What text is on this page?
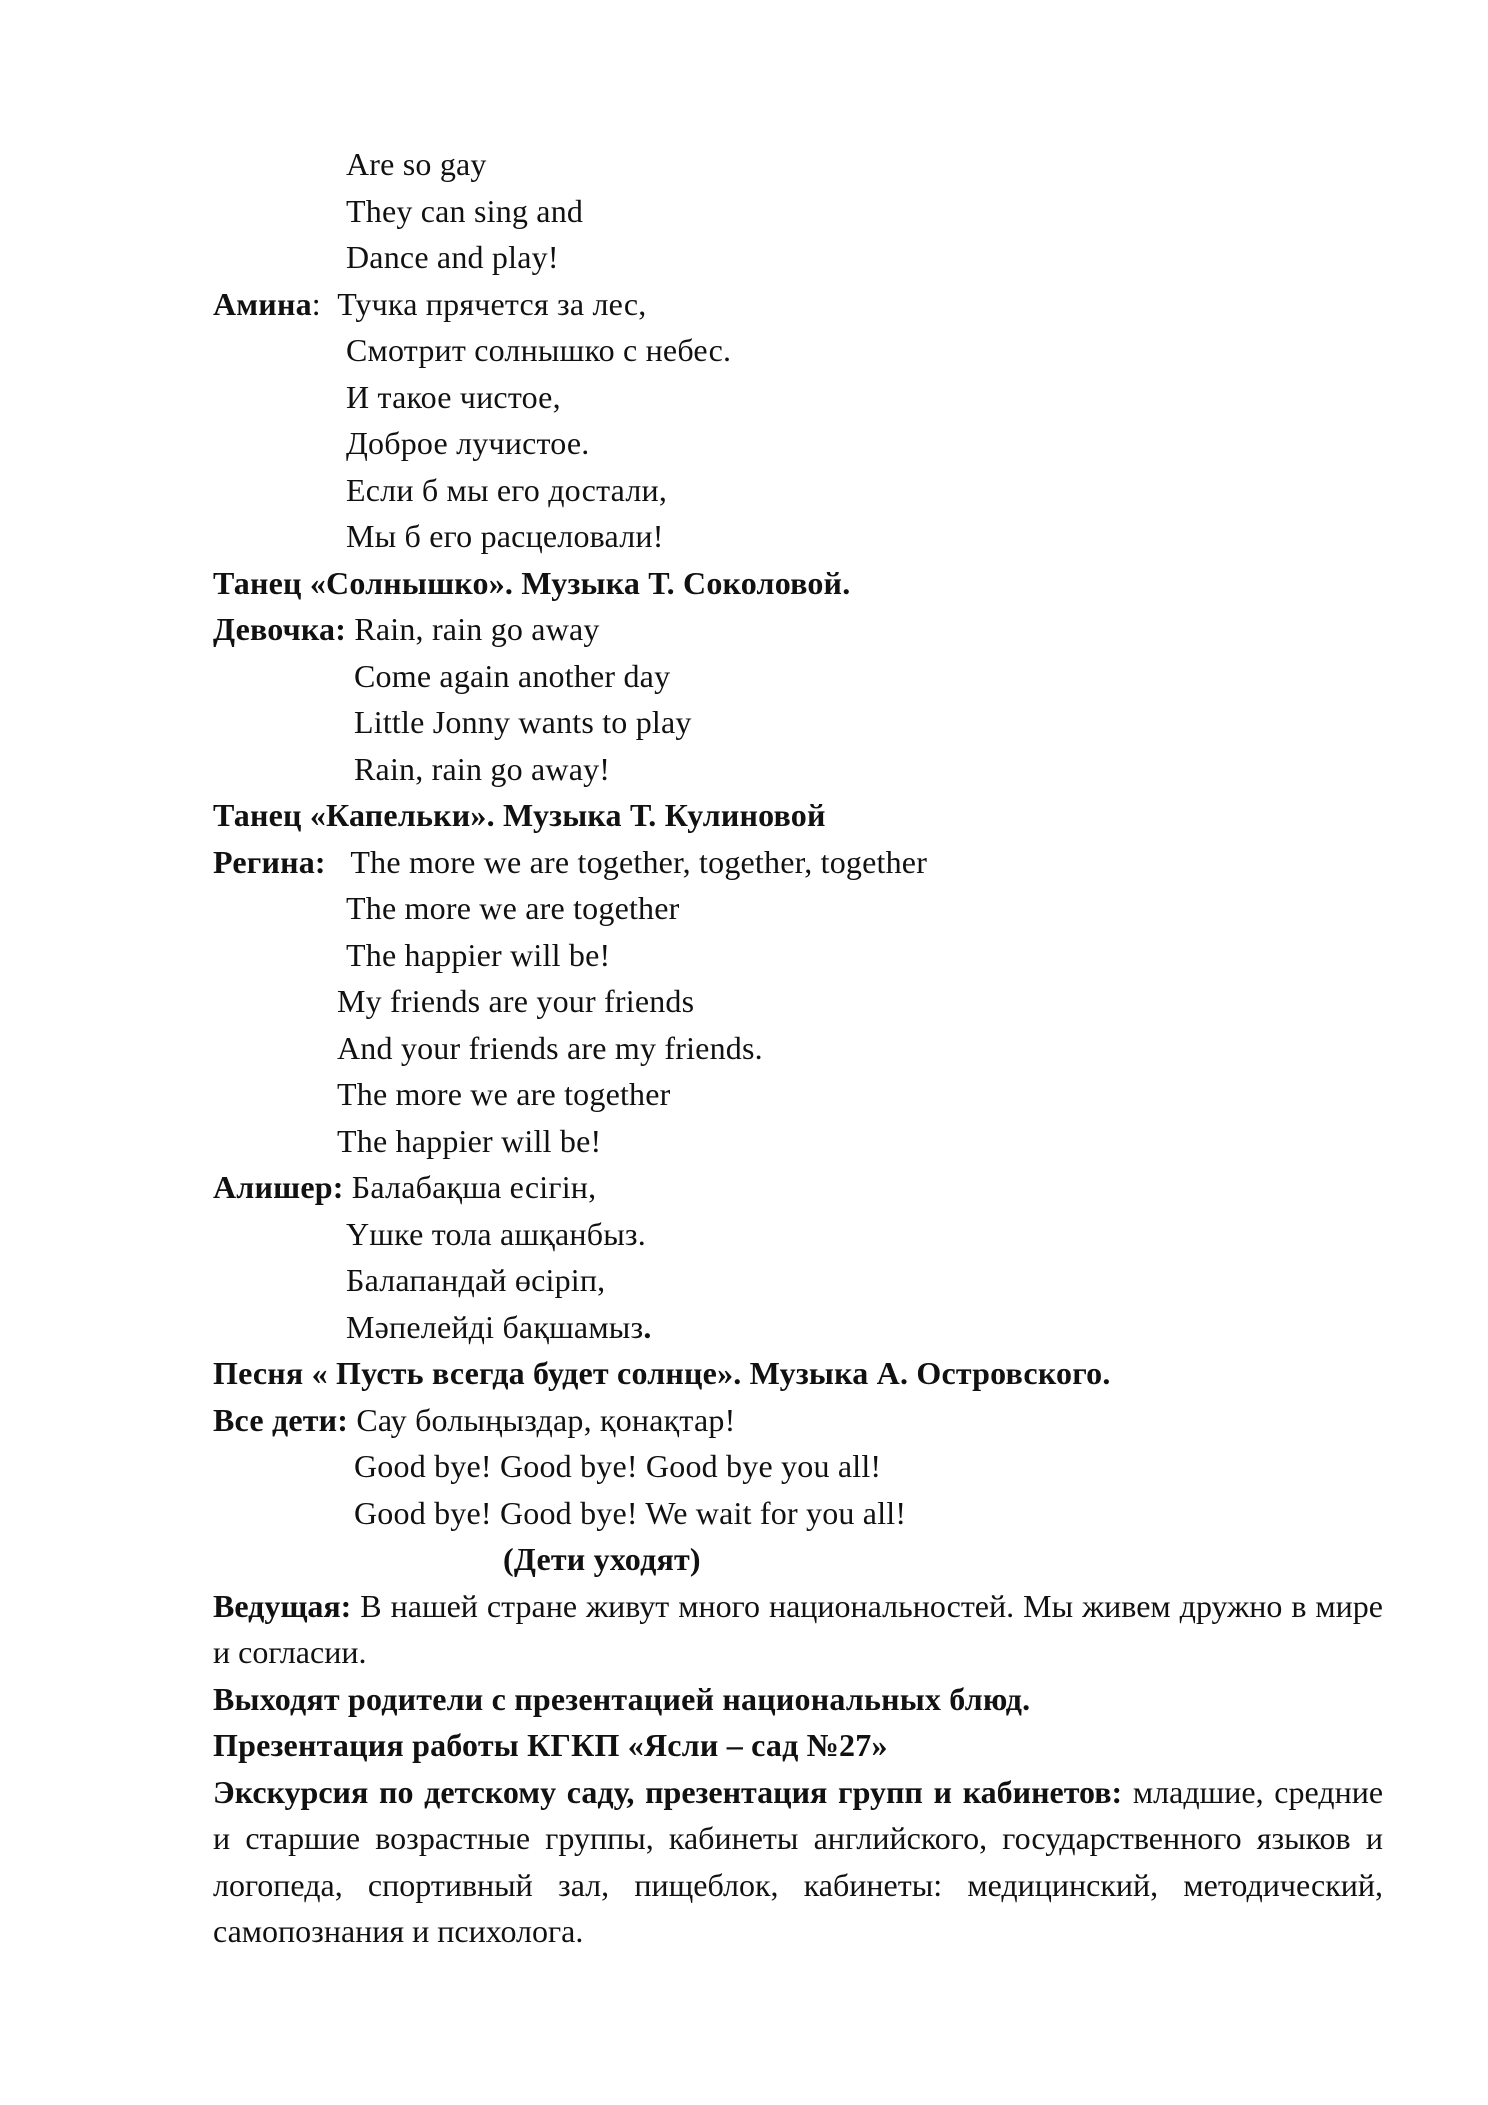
Are so gay
They can sing and
Dance and play!
Амина:  Тучка прячется за лес,
Смотрит солнышко с небес.
И такое чистое,
Доброе лучистое.
Если б мы его достали,
Мы б его расцеловали!
Танец «Солнышко». Музыка Т. Соколовой.
Девочка: Rain, rain go away
Come again another day
Little Jonny wants to play
Rain, rain go away!
Танец «Капельки». Музыка Т. Кулиновой
Регина: The more we are together, together, together
The more we are together
The happier will be!
My friends are your friends
And your friends are my friends.
The more we are together
The happier will be!
Алишер: Балабақша есігін,
Үшке тола ашқанбыз.
Балапандай өсіріп,
Мәпелейді бақшамыз.
Песня « Пусть всегда будет солнце». Музыка А. Островского.
Все дети: Сау болыңыздар, қонақтар!
Good bye! Good bye! Good bye you all!
Good bye! Good bye! We wait for you all!
(Дети уходят)
Ведущая: В нашей стране живут много национальностей. Мы живем дружно в мире и согласии.
Выходят родители с презентацией национальных блюд.
Презентация работы КГКП «Ясли – сад №27»
Экскурсия по детскому саду, презентация групп и кабинетов: младшие, средние и старшие возрастные группы, кабинеты английского, государственного языков и логопеда, спортивный зал, пищеблок, кабинеты: медицинский, методический, самопознания и психолога.
